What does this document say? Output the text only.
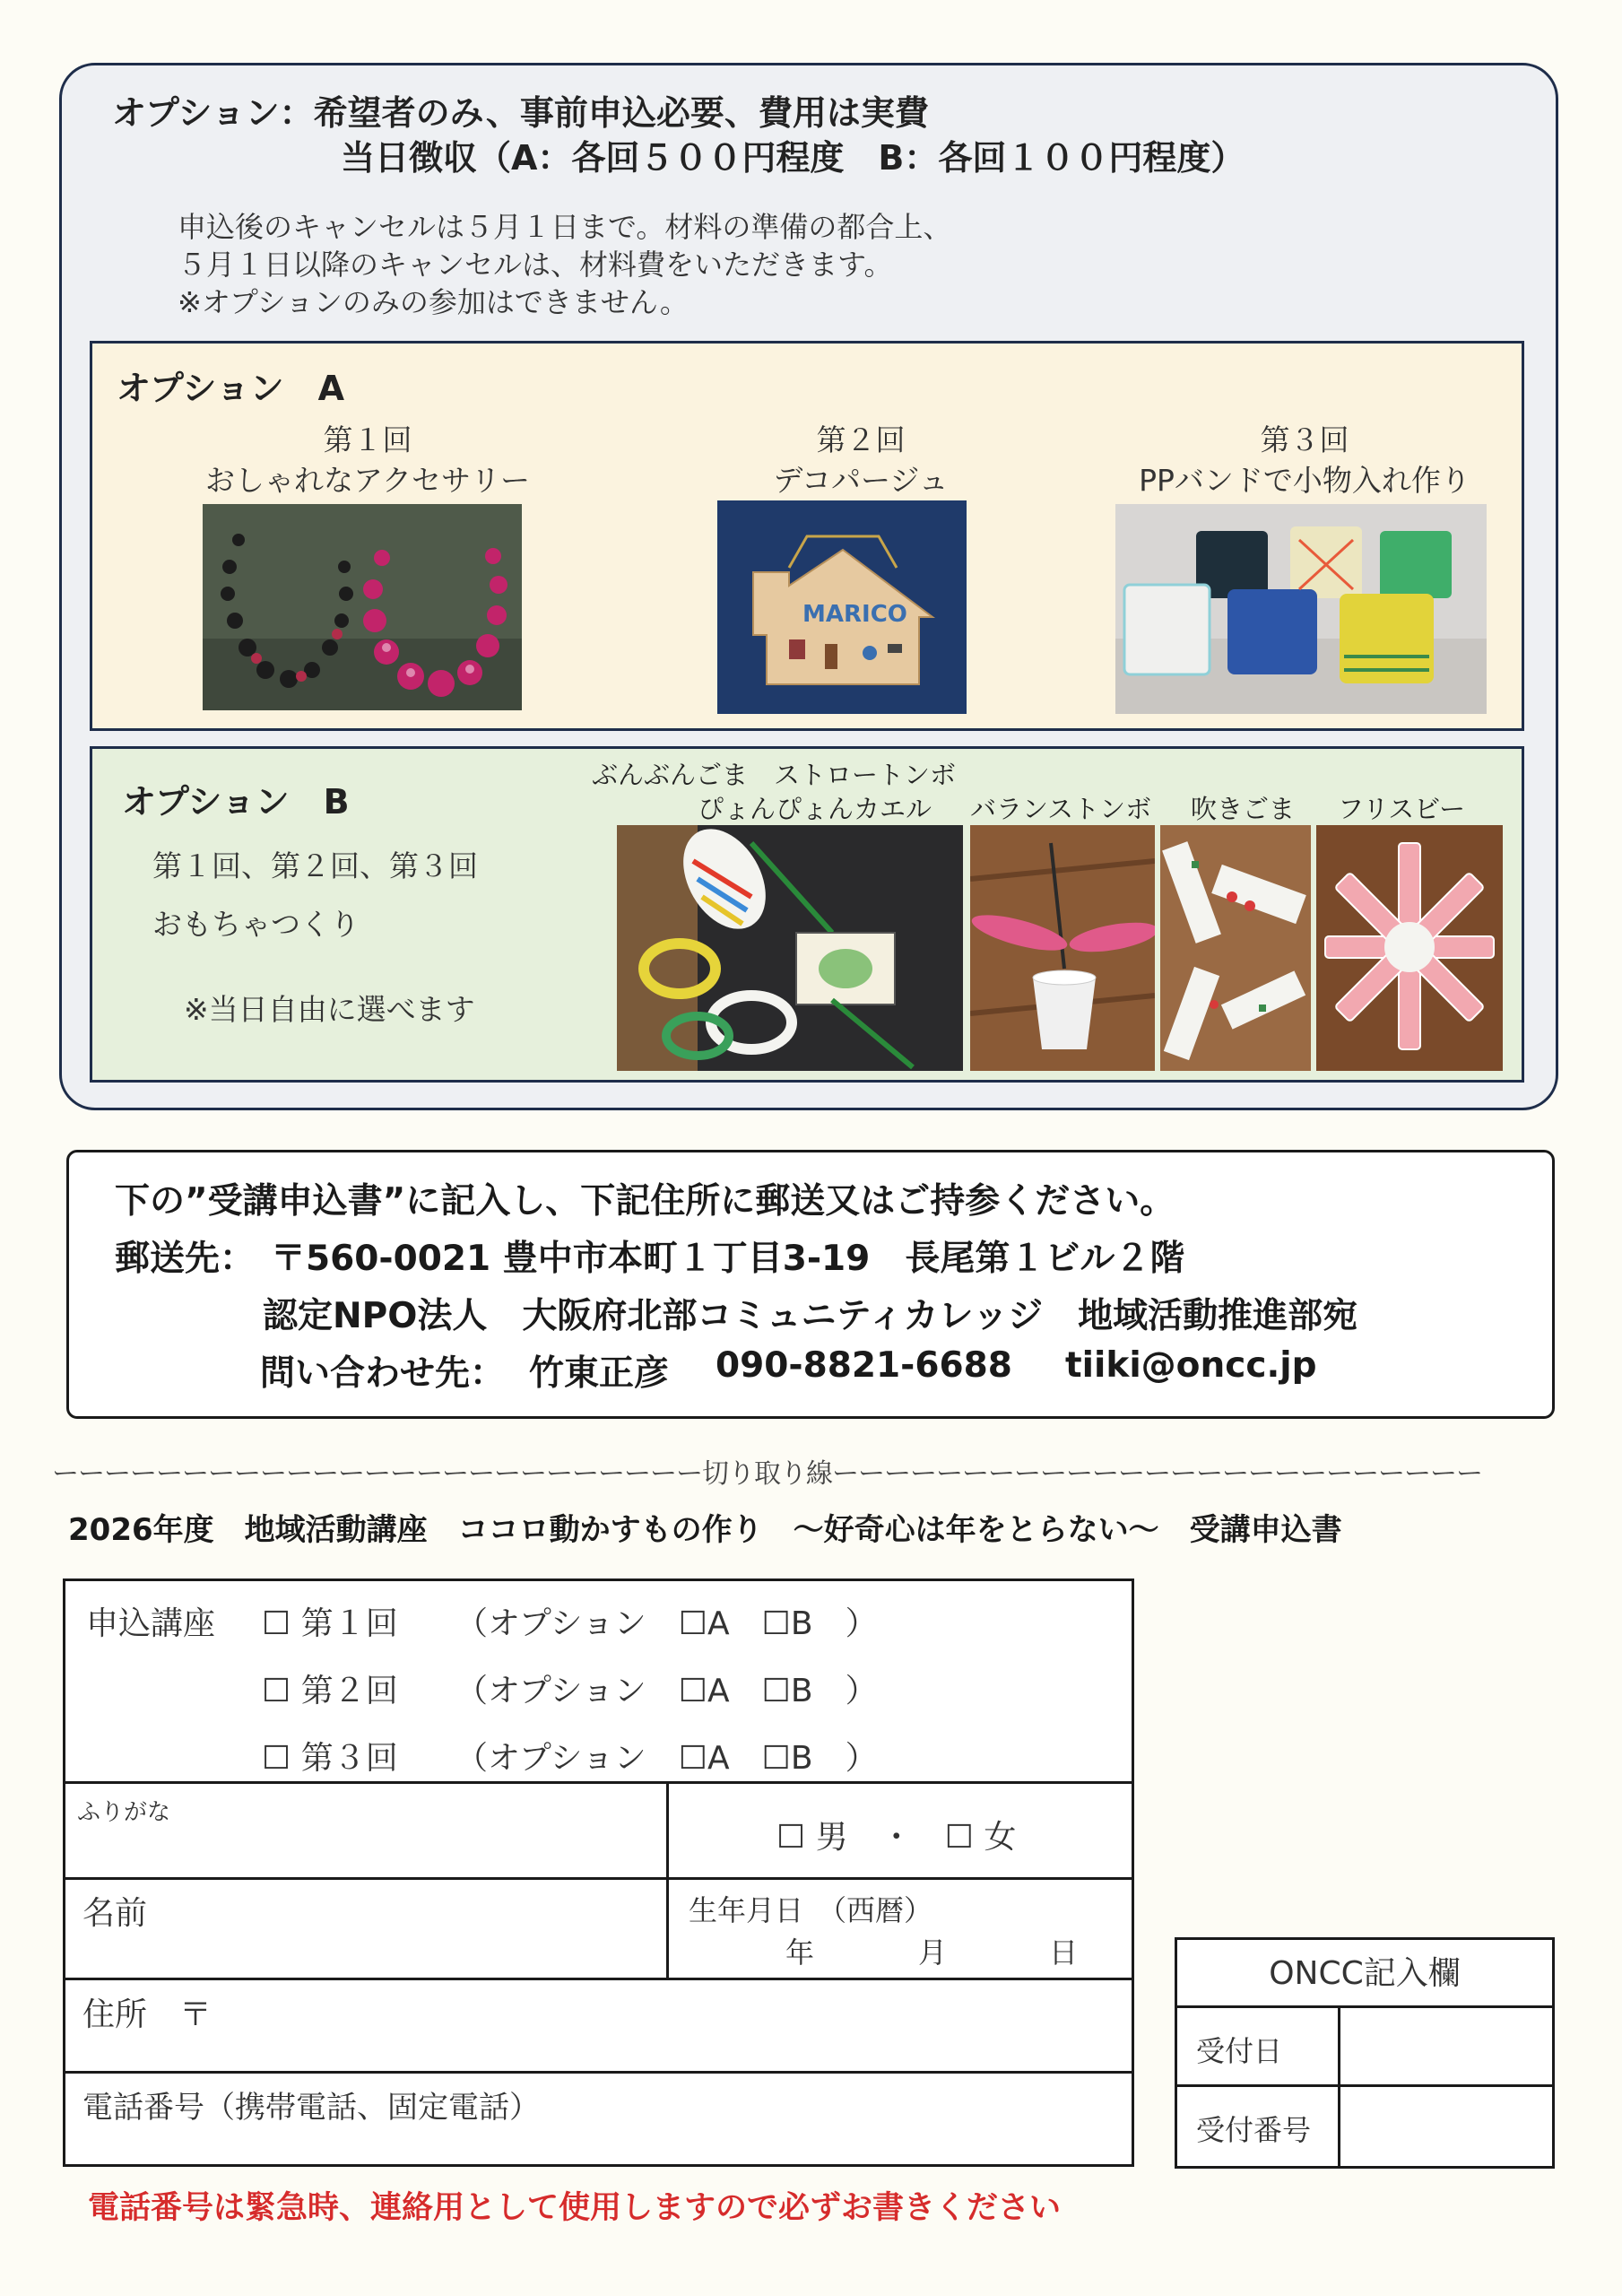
オプション：希望者のみ、事前申込必要、費用は実費
当日徴収（A：各回５００円程度　B：各回１００円程度）
申込後のキャンセルは５月１日まで。材料の準備の都合上、
５月１日以降のキャンセルは、材料費をいただきます。
※オプションのみの参加はできません。
オプション　A
第１回
おしゃれなアクセサリー
第２回
デコパージュ
第３回
PPバンドで小物入れ作り
MARICO
オプション　B
第１回、第２回、第３回
おもちゃつくり
※当日自由に選べます
ぶんぶんごま　ストロートンボ
ぴょんぴょんカエル バランストンボ 吹きごま フリスビー
下の”受講申込書”に記入し、下記住所に郵送又はご持参ください。
郵送先： 〒560-0021 豊中市本町１丁目3-19　長尾第１ビル２階
認定NPO法人　大阪府北部コミュニティカレッジ　地域活動推進部宛
問い合わせ先： 竹東正彦 090-8821-6688 tiiki@oncc.jp
ーーーーーーーーーーーーーーーーーーーーーーーーー切り取り線ーーーーーーーーーーーーーーーーーーーーーーーーー
2026年度　地域活動講座　ココロ動かすもの作り　～好奇心は年をとらない～　受講申込書
申込講座 ☐ 第１回 （オプション　☐A　☐B　）
☐ 第２回 （オプション　☐A　☐B　）
☐ 第３回 （オプション　☐A　☐B　）
ふりがな
☐ 男　・　☐ 女
名前	生年月日　（西暦）
年	月	日
住所　〒
電話番号（携帯電話、固定電話）
ONCC記入欄
受付日
受付番号
電話番号は緊急時、連絡用として使用しますので必ずお書きください
